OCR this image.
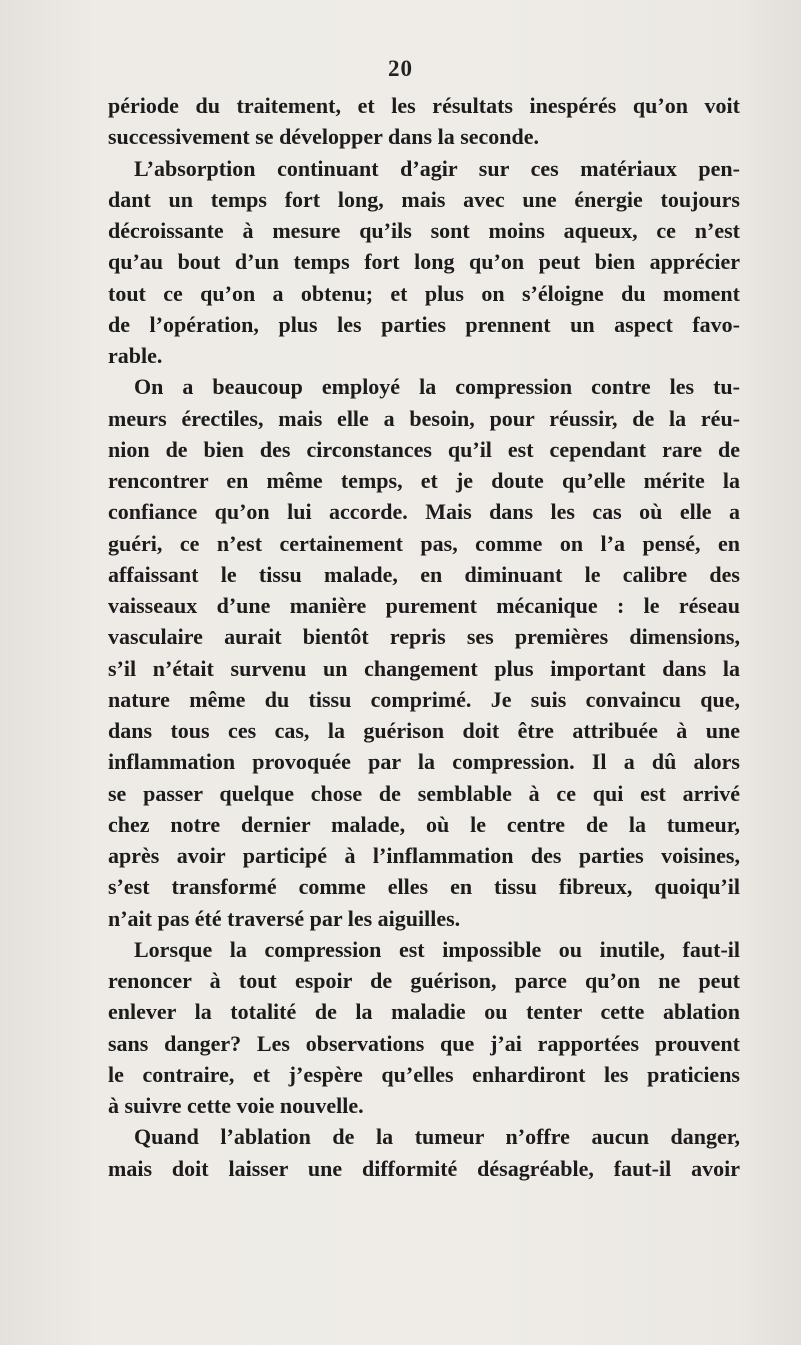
20
période du traitement, et les résultats inespérés qu’on voit
successivement se développer dans la seconde.
L’absorption continuant d’agir sur ces matériaux pen-
dant un temps fort long, mais avec une énergie toujours
décroissante à mesure qu’ils sont moins aqueux, ce n’est
qu’au bout d’un temps fort long qu’on peut bien apprécier
tout ce qu’on a obtenu; et plus on s’éloigne du moment
de l’opération, plus les parties prennent un aspect favo-
rable.
On a beaucoup employé la compression contre les tu-
meurs érectiles, mais elle a besoin, pour réussir, de la réu-
nion de bien des circonstances qu’il est cependant rare de
rencontrer en même temps, et je doute qu’elle mérite la
confiance qu’on lui accorde. Mais dans les cas où elle a
guéri, ce n’est certainement pas, comme on l’a pensé, en
affaissant le tissu malade, en diminuant le calibre des
vaisseaux d’une manière purement mécanique : le réseau
vasculaire aurait bientôt repris ses premières dimensions,
s’il n’était survenu un changement plus important dans la
nature même du tissu comprimé. Je suis convaincu que,
dans tous ces cas, la guérison doit être attribuée à une
inflammation provoquée par la compression. Il a dû alors
se passer quelque chose de semblable à ce qui est arrivé
chez notre dernier malade, où le centre de la tumeur,
après avoir participé à l’inflammation des parties voisines,
s’est transformé comme elles en tissu fibreux, quoiqu’il
n’ait pas été traversé par les aiguilles.
Lorsque la compression est impossible ou inutile, faut-il
renoncer à tout espoir de guérison, parce qu’on ne peut
enlever la totalité de la maladie ou tenter cette ablation
sans danger? Les observations que j’ai rapportées prouvent
le contraire, et j’espère qu’elles enhardiront les praticiens
à suivre cette voie nouvelle.
Quand l’ablation de la tumeur n’offre aucun danger,
mais doit laisser une difformité désagréable, faut-il avoir
